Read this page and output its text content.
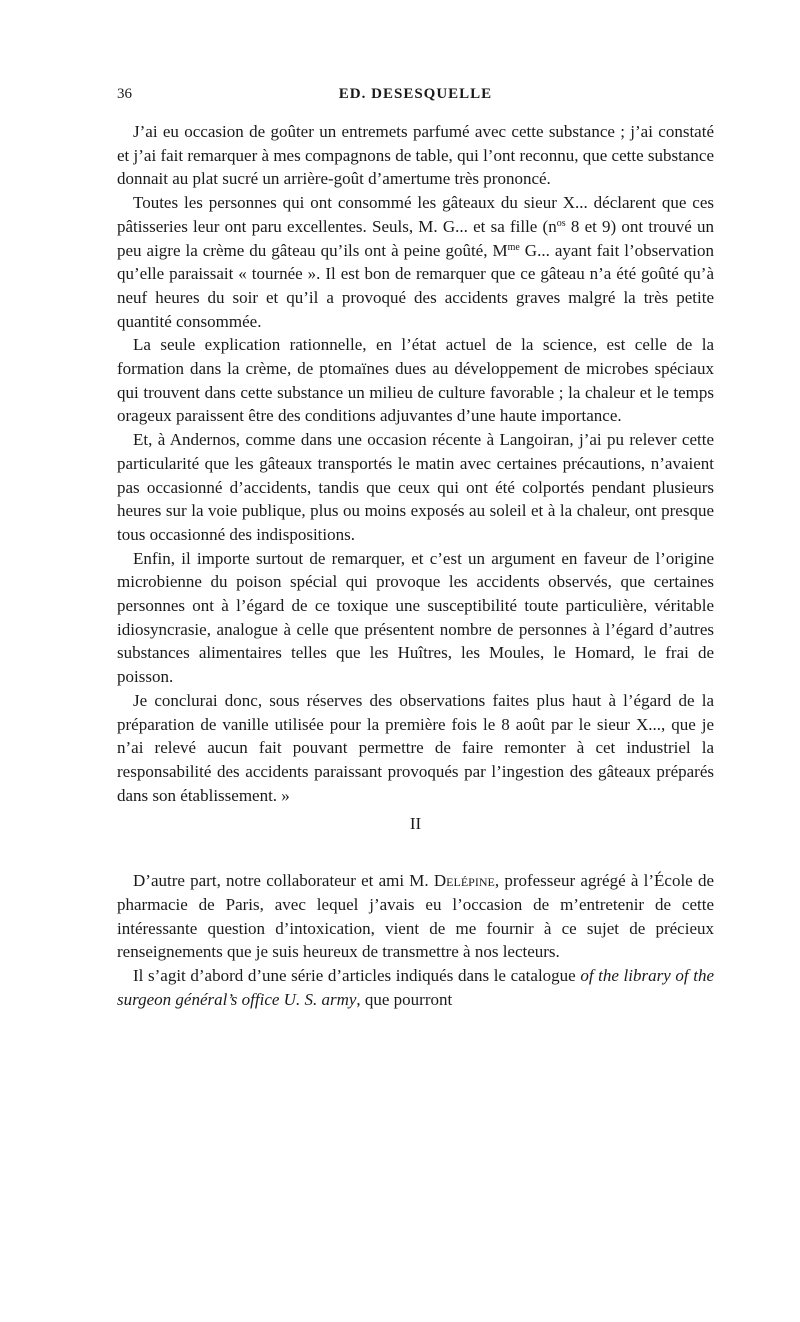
36	ED. DESESQUELLE

J’ai eu occasion de goûter un entremets parfumé avec cette substance ; j’ai constaté et j’ai fait remarquer à mes compagnons de table, qui l’ont reconnu, que cette substance donnait au plat sucré un arrière-goût d’amertume très prononcé.

Toutes les personnes qui ont consommé les gâteaux du sieur X... déclarent que ces pâtisseries leur ont paru excellentes. Seuls, M. G... et sa fille ($n^{os}$ 8 et 9) ont trouvé un peu aigre la crème du gâteau qu’ils ont à peine goûté, $M^{me}$ G... ayant fait l’observation qu’elle paraissait « tournée ». Il est bon de remarquer que ce gâteau n’a été goûté qu’à neuf heures du soir et qu’il a provoqué des accidents graves malgré la très petite quantité consommée.

La seule explication rationnelle, en l’état actuel de la science, est celle de la formation dans la crème, de ptomaïnes dues au développement de microbes spéciaux qui trouvent dans cette substance un milieu de culture favorable ; la chaleur et le temps orageux paraissent être des conditions adjuvantes d’une haute importance.

Et, à Andernos, comme dans une occasion récente à Langoiran, j’ai pu relever cette particularité que les gâteaux transportés le matin avec certaines précautions, n’avaient pas occasionné d’accidents, tandis que ceux qui ont été colportés pendant plusieurs heures sur la voie publique, plus ou moins exposés au soleil et à la chaleur, ont presque tous occasionné des indispositions.

Enfin, il importe surtout de remarquer, et c’est un argument en faveur de l’origine microbienne du poison spécial qui provoque les accidents observés, que certaines personnes ont à l’égard de ce toxique une susceptibilité toute particulière, véritable idiosyncrasie, analogue à celle que présentent nombre de personnes à l’égard d’autres substances alimentaires telles que les Huîtres, les Moules, le Homard, le frai de poisson.

Je conclurai donc, sous réserves des observations faites plus haut à l’égard de la préparation de vanille utilisée pour la première fois le 8 août par le sieur X..., que je n’ai relevé aucun fait pouvant permettre de faire remonter à cet industriel la responsabilité des accidents paraissant provoqués par l’ingestion des gâteaux préparés dans son établissement. »

II

D’autre part, notre collaborateur et ami M. Delépine, professeur agrégé à l’École de pharmacie de Paris, avec lequel j’avais eu l’occasion de m’entretenir de cette intéressante question d’intoxication, vient de me fournir à ce sujet de précieux renseignements que je suis heureux de transmettre à nos lecteurs.

Il s’agit d’abord d’une série d’articles indiqués dans le catalogue of the library of the surgeon général’s office U. S. army, que pourront
